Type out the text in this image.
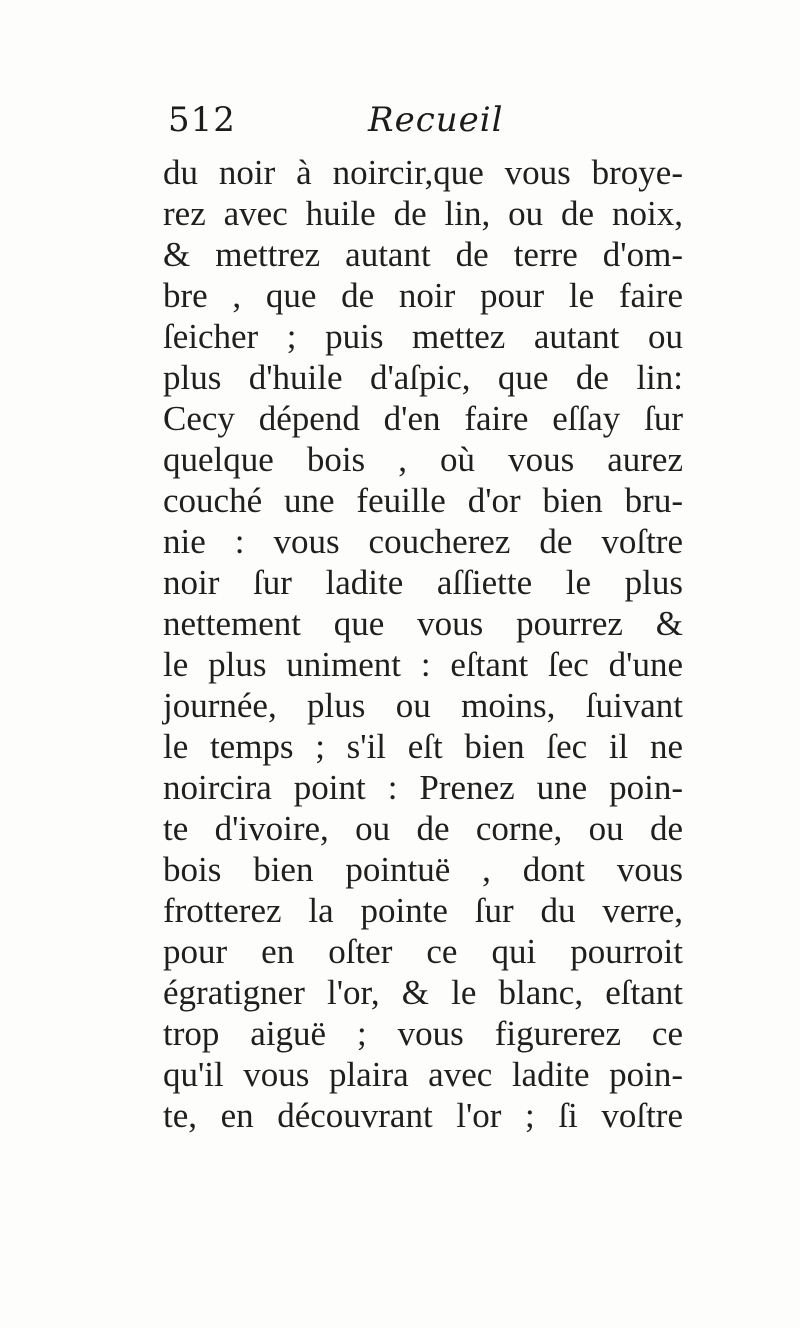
512	Recueil
du noir à noircir,que vous broye-
rez avec huile de lin, ou de noix,
& mettrez autant de terre d'om-
bre , que de noir pour le faire
ſeicher ; puis mettez autant ou
plus d'huile d'aſpic, que de lin:
Cecy dépend d'en faire eſſay ſur
quelque bois , où vous aurez
couché une feuille d'or bien bru-
nie : vous coucherez de voſtre
noir ſur ladite aſſiette le plus
nettement que vous pourrez &
le plus uniment : eſtant ſec d'une
journée, plus ou moins, ſuivant
le temps ; s'il eſt bien ſec il ne
noircira point : Prenez une poin-
te d'ivoire, ou de corne, ou de
bois bien pointuë , dont vous
frotterez la pointe ſur du verre,
pour en oſter ce qui pourroit
égratigner l'or, & le blanc, eſtant
trop aiguë ; vous figurerez ce
qu'il vous plaira avec ladite poin-
te, en découvrant l'or ; ſi voſtre
